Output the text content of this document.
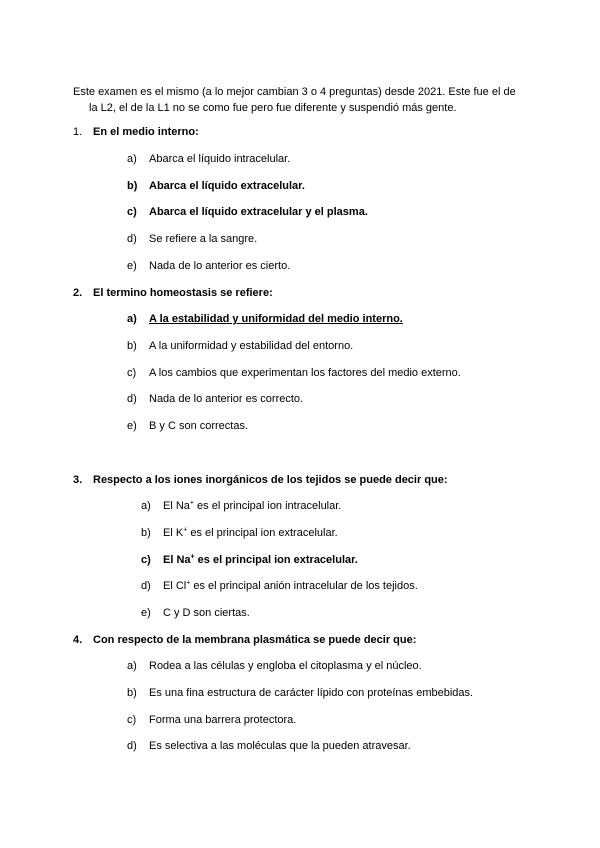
Este examen es el mismo (a lo mejor cambian 3 o 4 preguntas) desde 2021. Este fue el de
la L2, el de la L1 no se como fue pero fue diferente y suspendió más gente.
1. En el medio interno:
a) Abarca el líquido intracelular.
b) Abarca el líquido extracelular.
c) Abarca el líquido extracelular y el plasma.
d) Se refiere a la sangre.
e) Nada de lo anterior es cierto.
2. El termino homeostasis se refiere:
a) A la estabilidad y uniformidad del medio interno.
b) A la uniformidad y estabilidad del entorno.
c) A los cambios que experimentan los factores del medio externo.
d) Nada de lo anterior es correcto.
e) B y C son correctas.
3. Respecto a los iones inorgánicos de los tejidos se puede decir que:
a) El Na+ es el principal ion intracelular.
b) El K+ es el principal ion extracelular.
c) El Na+ es el principal ion extracelular.
d) El Cl+ es el principal anión intracelular de los tejidos.
e) C y D son ciertas.
4. Con respecto de la membrana plasmática se puede decir que:
a) Rodea a las células y engloba el citoplasma y el núcleo.
b) Es una fina estructura de carácter lípido con proteínas embebidas.
c) Forma una barrera protectora.
d) Es selectiva a las moléculas que la pueden atravesar.
